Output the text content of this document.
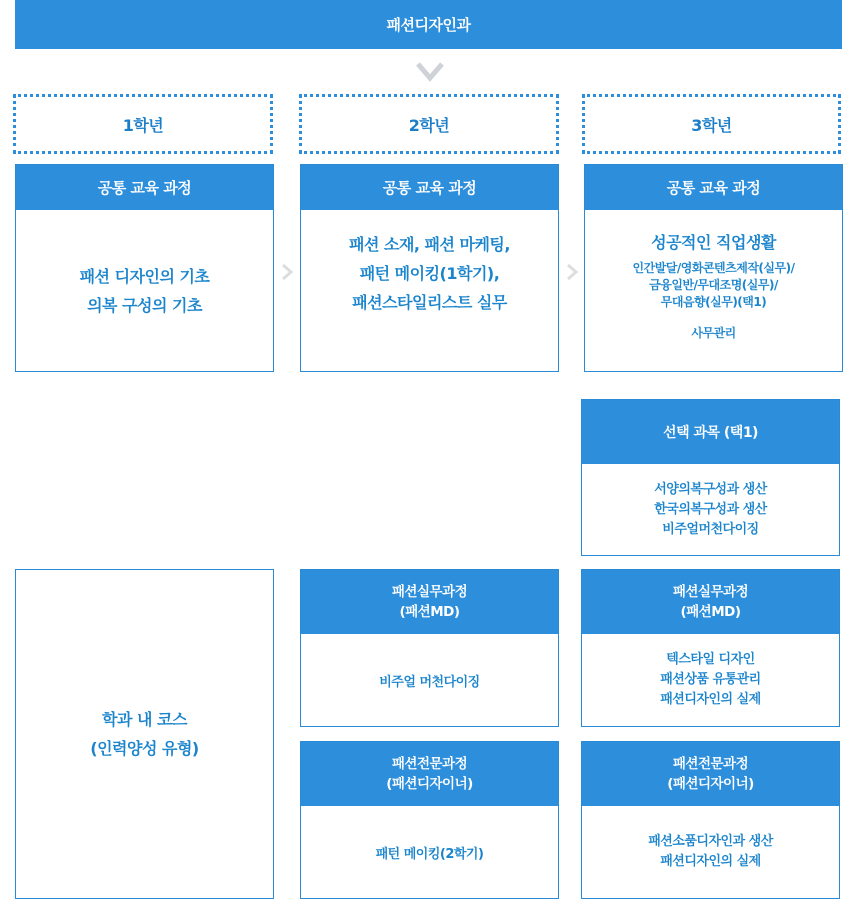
패션디자인과
1학년	2학년	3학년
공통 교육 과정
패션 디자인의 기초
의복 구성의 기초
공통 교육 과정
패션 소재, 패션 마케팅,
패턴 메이킹(1학기),
패션스타일리스트 실무
공통 교육 과정
성공적인 직업생활
인간발달/영화콘텐츠제작(실무)/
금융일반/무대조명(실무)/
무대음향(실무)(택1)
사무관리
선택 과목 (택1)
서양의복구성과 생산
한국의복구성과 생산
비주얼머천다이징
학과 내 코스
(인력양성 유형)
패션실무과정
(패션MD)
비주얼 머천다이징
패션실무과정
(패션MD)
텍스타일 디자인
패션상품 유통관리
패션디자인의 실제
패션전문과정
(패션디자이너)
패턴 메이킹(2학기)
패션전문과정
(패션디자이너)
패션소품디자인과 생산
패션디자인의 실제
